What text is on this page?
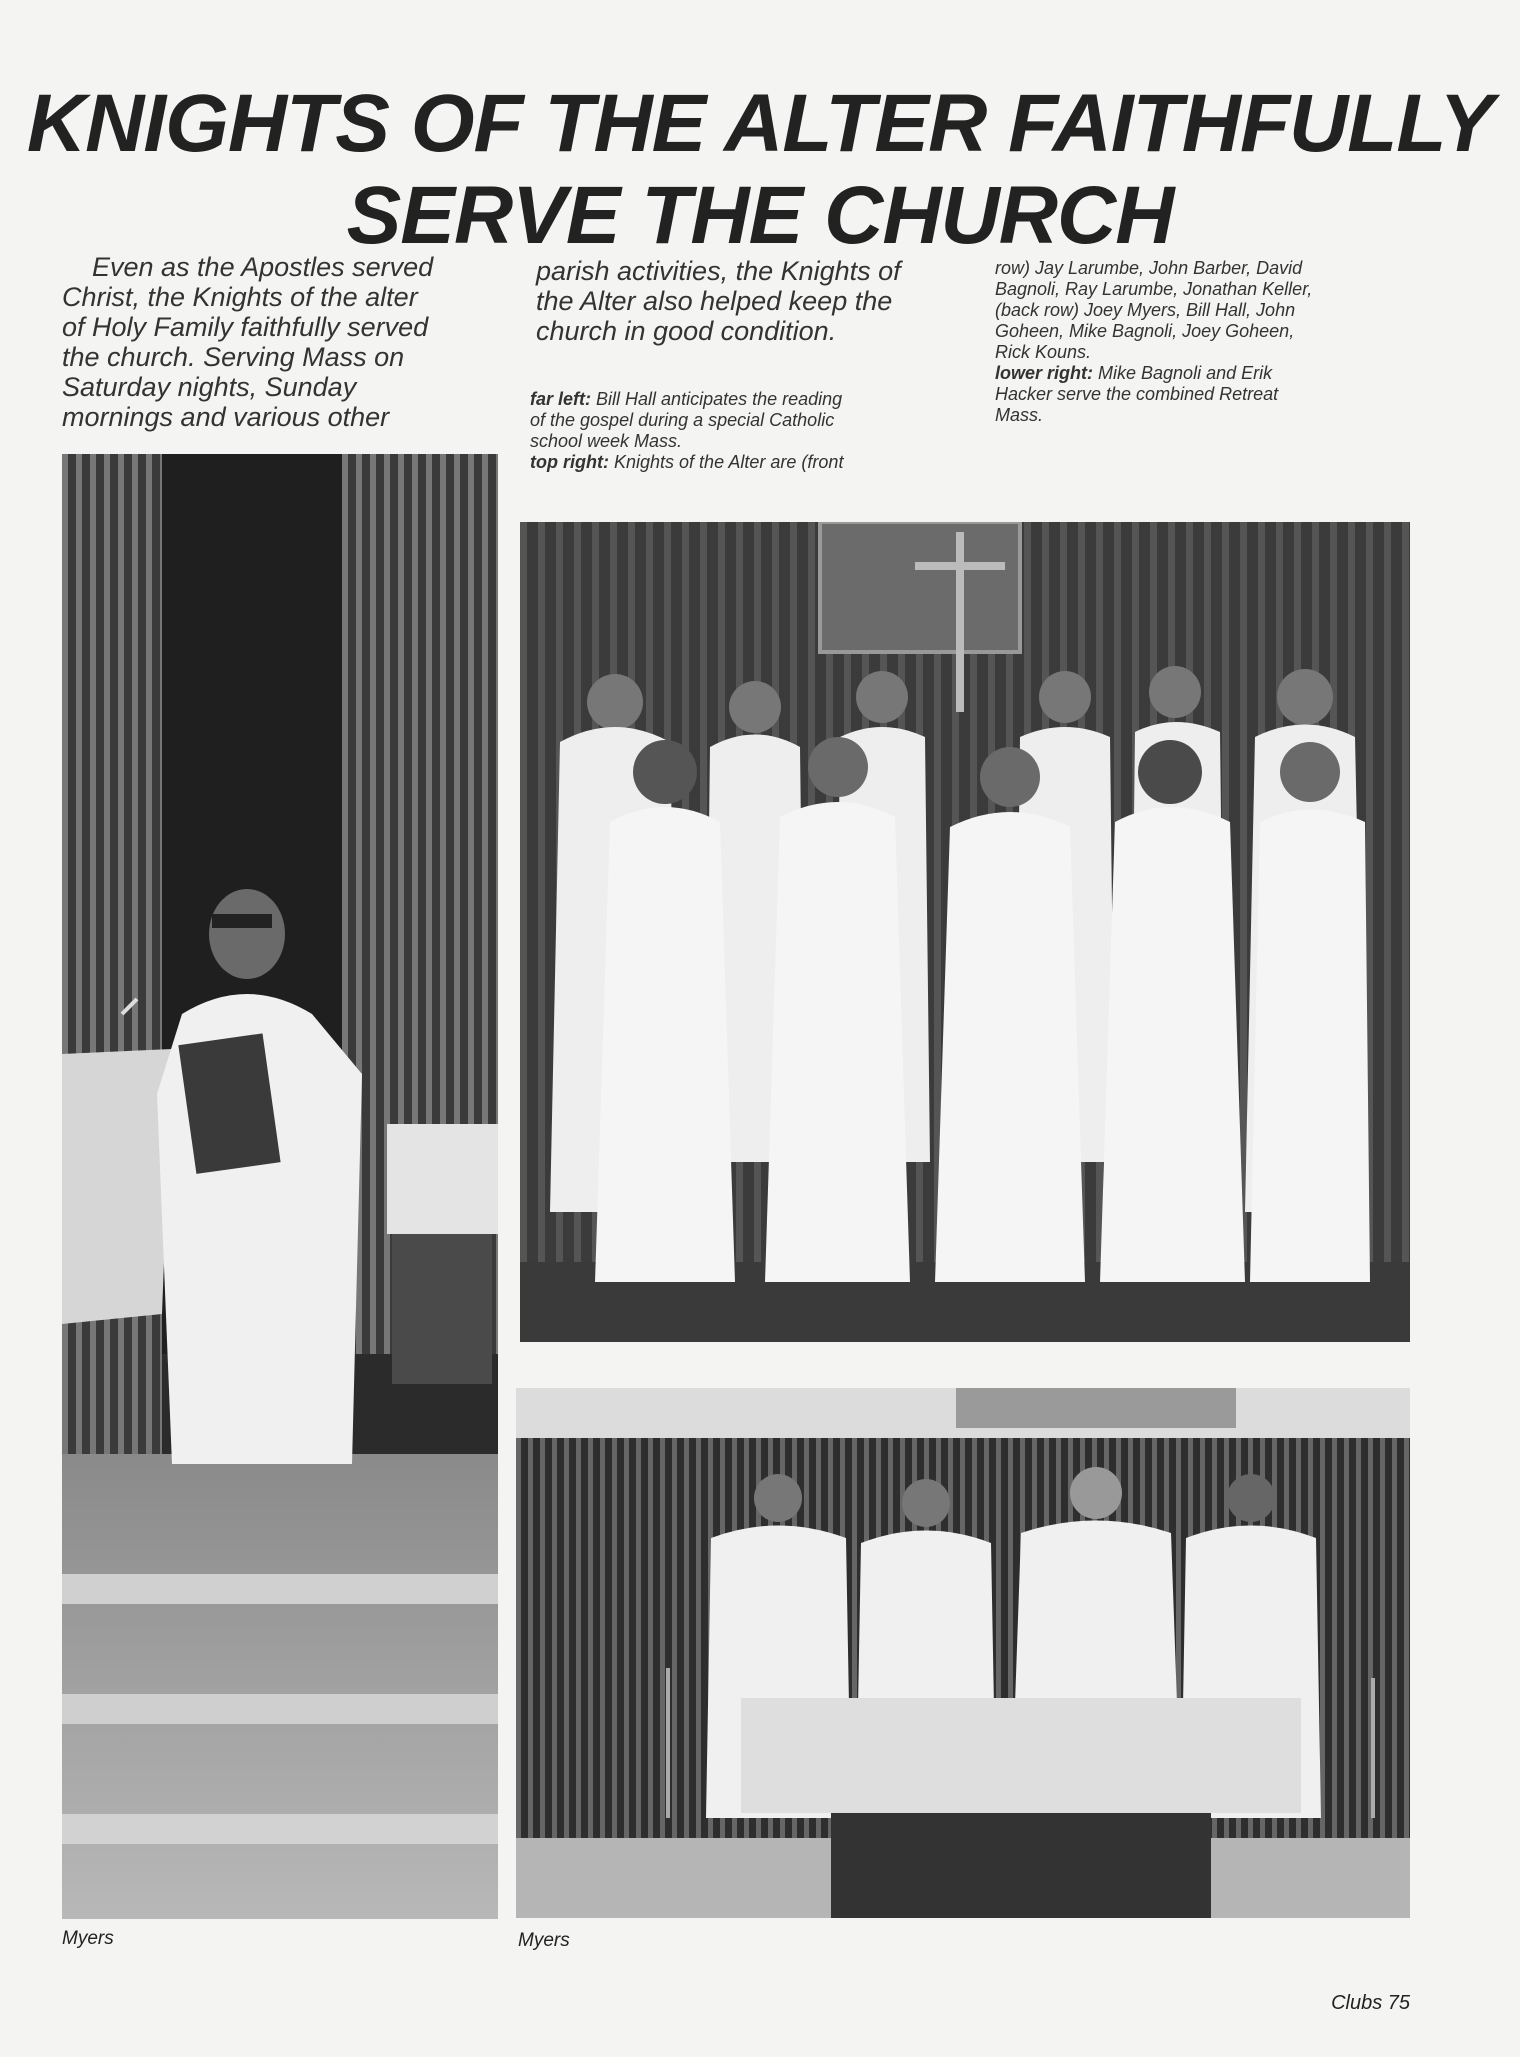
KNIGHTS OF THE ALTER FAITHFULLY
SERVE THE CHURCH
Even as the Apostles served
Christ, the Knights of the alter
of Holy Family faithfully served
the church. Serving Mass on
Saturday nights, Sunday
mornings and various other
parish activities, the Knights of
the Alter also helped keep the
church in good condition.
far left: Bill Hall anticipates the reading
of the gospel during a special Catholic
school week Mass.
top right: Knights of the Alter are (front
row) Jay Larumbe, John Barber, David
Bagnoli, Ray Larumbe, Jonathan Keller,
(back row) Joey Myers, Bill Hall, John
Goheen, Mike Bagnoli, Joey Goheen,
Rick Kouns.
lower right: Mike Bagnoli and Erik
Hacker serve the combined Retreat
Mass.
Myers	Myers
Clubs 75
